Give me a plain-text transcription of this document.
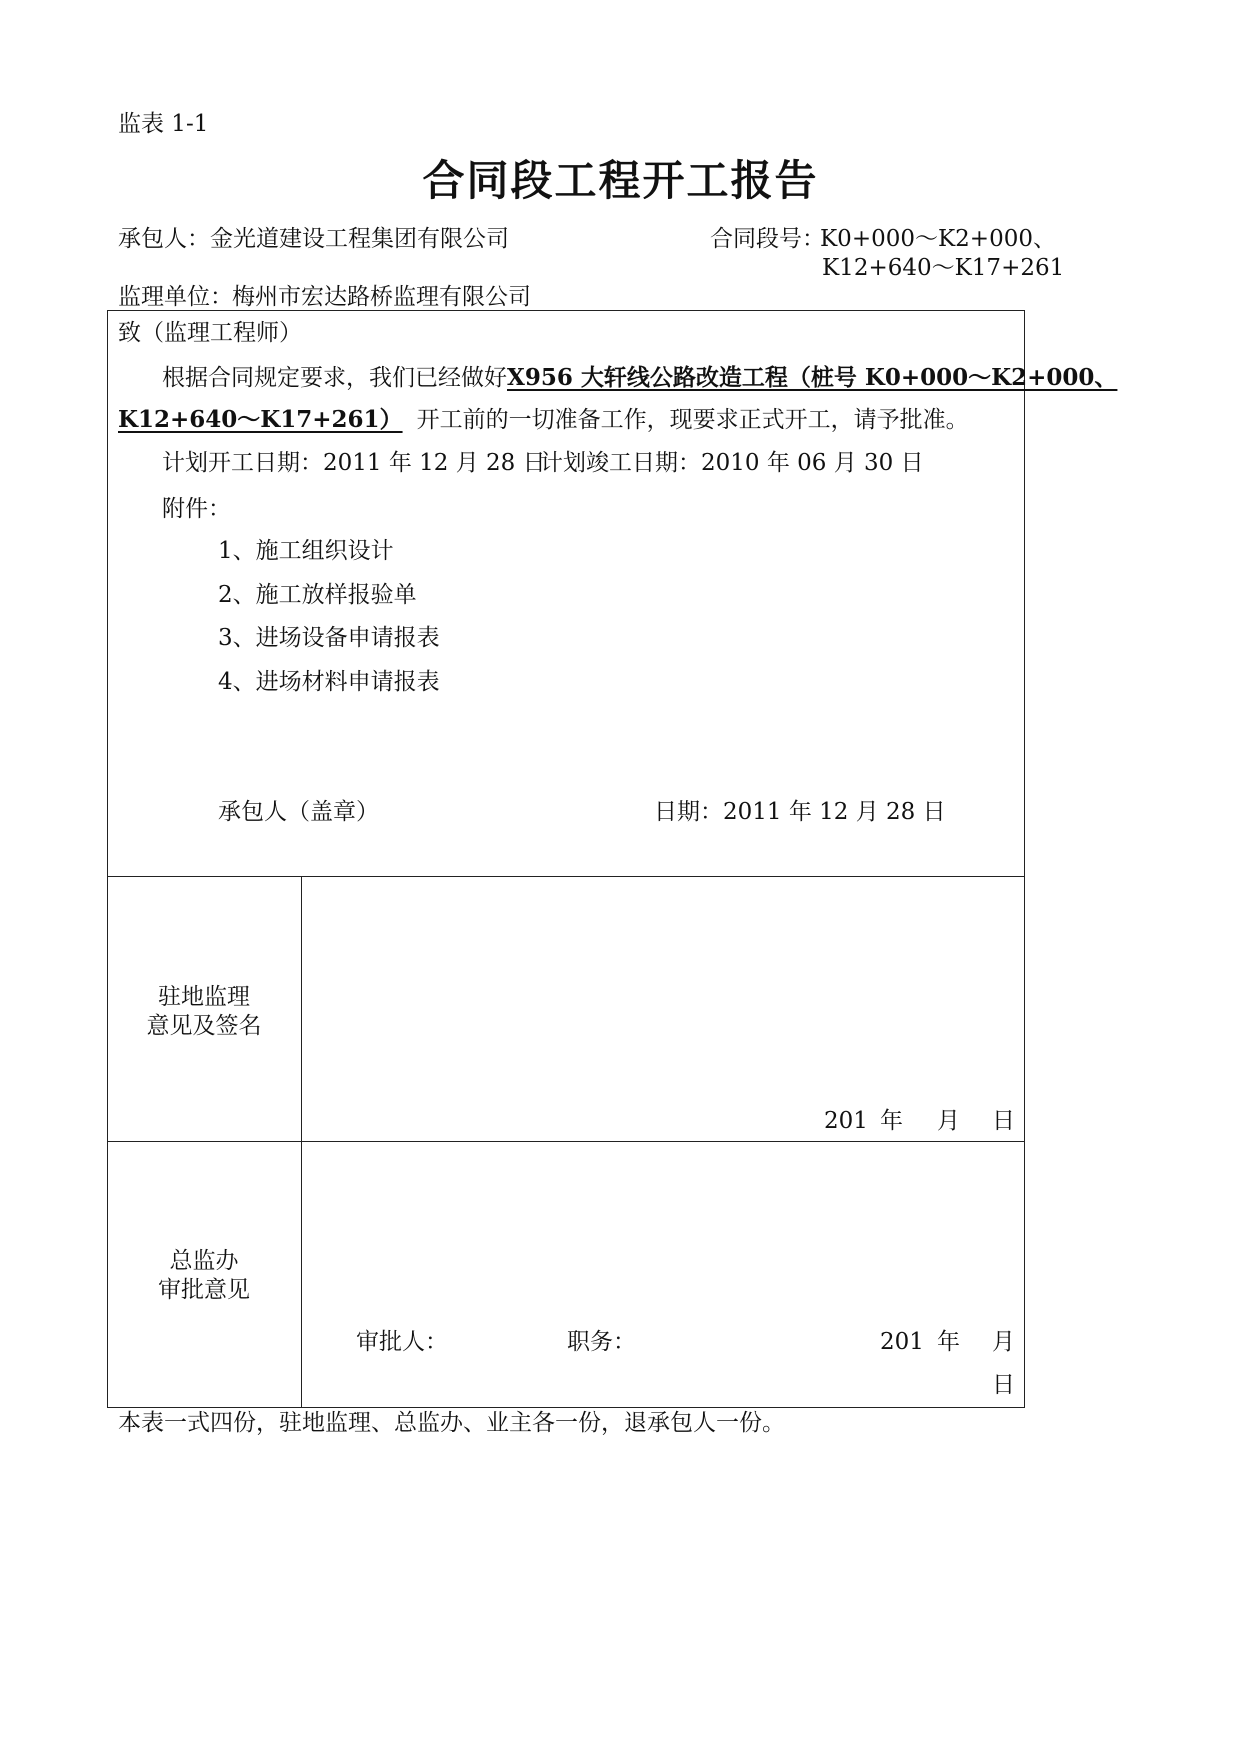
监表 1-1
合同段工程开工报告
承包人： 金光道建设工程集团有限公司	合同段号：
K0+000～K2+000、
K12+640～K17+261
监理单位： 梅州市宏达路桥监理有限公司
致（监理工程师）
根据合同规定要求，我们已经做好X956 大轩线公路改造工程（桩号 K0+000～K2+000、
K12+640～K17+261） 开工前的一切准备工作，现要求正式开工，请予批准。
计划开工日期：2011 年 12 月 28 日
计划竣工日期：2010 年 06 月 30 日
附件：
1、施工组织设计
2、施工放样报验单
3、进场设备申请报表
4、进场材料申请报表
承包人（盖章）	日期：2011 年 12 月 28 日
驻地监理
意见及签名
201 年 月 日
总监办
审批意见
审批人：	职务：	201 年 月
日
本表一式四份，驻地监理、总监办、业主各一份，退承包人一份。
